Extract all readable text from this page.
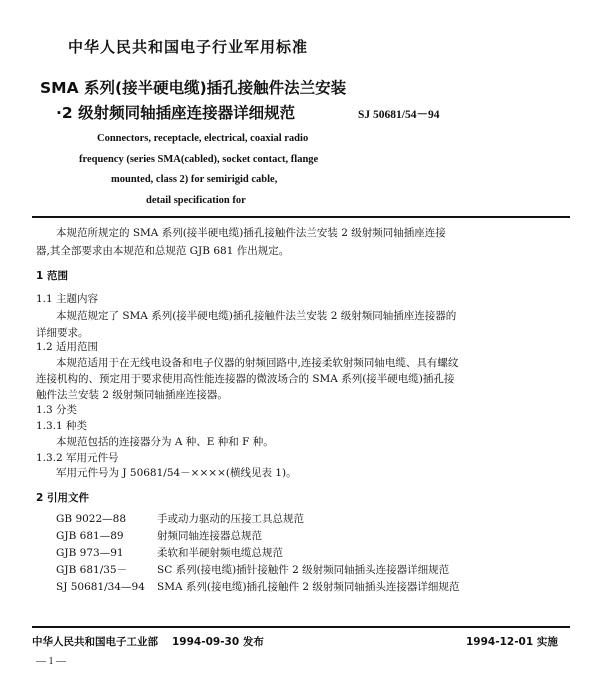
中华人民共和国电子行业军用标准
SMA 系列(接半硬电缆)插孔接触件法兰安装
·2 级射频同轴插座连接器详细规范	SJ 50681/54－94
Connectors, receptacle, electrical, coaxial radio
frequency (series SMA(cabled), socket contact, flange
mounted, class 2) for semirigid cable,
detail specification for
本规范所规定的 SMA 系列(接半硬电缆)插孔接触件法兰安装 2 级射频同轴插座连接
器,其全部要求由本规范和总规范 GJB 681 作出规定。
1 范围
1.1 主题内容
本规范规定了 SMA 系列(接半硬电缆)插孔接触件法兰安装 2 级射频同轴插座连接器的
详细要求。
1.2 适用范围
本规范适用于在无线电设备和电子仪器的射频回路中,连接柔软射频同轴电缆、具有螺纹
连接机构的、预定用于要求使用高性能连接器的微波场合的 SMA 系列(接半硬电缆)插孔接
触件法兰安装 2 级射频同轴插座连接器。
1.3 分类
1.3.1 种类
本规范包括的连接器分为 A 种、E 种和 F 种。
1.3.2 军用元件号
军用元件号为 J 50681/54－××××(横线见表 1)。
2 引用文件
GB 9022—88	手或动力驱动的压接工具总规范
GJB 681—89	射频同轴连接器总规范
GJB 973—91	柔软和半硬射频电缆总规范
GJB 681/35－	SC 系列(接电缆)插针接触件 2 级射频同轴插头连接器详细规范
SJ 50681/34—94 SMA 系列(接电缆)插孔接触件 2 级射频同轴插头连接器详细规范
中华人民共和国电子工业部 1994-09-30 发布	1994-12-01 实施
— 1 —
